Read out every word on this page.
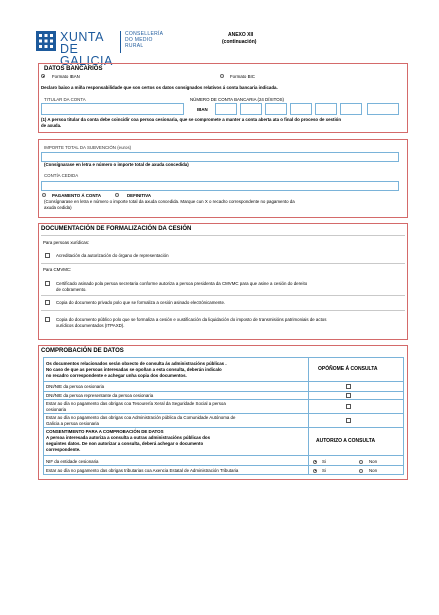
XUNTA DE GALICIA
CONSELLERÍA
DO MEDIO
RURAL
ANEXO XII
(continuación)
DATOS BANCARIOS
Formato IBAN	Formato BIC
Declaro baixo a miña responsabilidade que son certos os datos consignados relativos á conta bancaria indicada.
TITULAR DA CONTA	NÚMERO DE CONTA BANCARIA (24 DÍXITOS)
IBAN
(1) A persoa titular da conta debe coincidir coa persoa cesionaria, que se compromete a manter a conta aberta ata o final do proceso de xestión
de axuda.
IMPORTE TOTAL DA SUBVENCIÓN (euros)
(Consígnarase en letra e número o importe total de axuda concedida)
CONTÍA CEDIDA
PAGAMENTO Á CONTA	DEFINITIVA
(Consígnarase en letra e número o importe total da axuda concedida. Marque cun X o recadro correspondente no pagamento da
axuda cedida)
DOCUMENTACIÓN DE FORMALIZACIÓN DA CESIÓN
Para persoas xurídicas:
Acreditación da autorización do órgano de representación
Para CMVMC:
Certificado asinado pola persoa secretaria conforme autoriza a persoa presidenta da CMVMC para que asine a cesión do dereito
de cobramento.
Copia do documento privado polo que se formaliza a cesión asinado electrónicamente.
Copia do documento público polo que se formaliza a cesión e xustificación da liquidación do imposto de transmisións patrimoniais de actos
xurídicos documentados (ITPAXD).
COMPROBACIÓN DE DATOS
Os documentos relacionados serán obxecto de consulta ás administracións públicas .
No caso de que as persoas interesadas se opoñan a esta consulta, deberán indicalo
no recadro correspondente e achegar unha copia dos documentos.
OPÓÑOME Á CONSULTA
DNI/NIE da persoa cesionaria
DNI/NIE da persoa representante da persoa cesionaria
Estar ao día no pagamento das obrigas coa Tesourería Xeral da Seguridade Social a persoa
cesionaria
Estar ao día no pagamento das obrigas coa Administración pública da Comunidade Autónoma de
Galicia a persoa cesionaria
CONSENTIMENTO PARA A COMPROBACIÓN DE DATOS
A persoa interesada autoriza a consulta a outras administracións públicas dos
seguintes datos. De non autorizar a consulta, deberá achegar o documento
correspondente.
AUTORIZO A CONSULTA
NIF da entidade cesionaria	Si	Non
Estar ao día no pagamento das obrigas tributarias coa Axencia Estatal de Administración Tributaria	Si	Non
